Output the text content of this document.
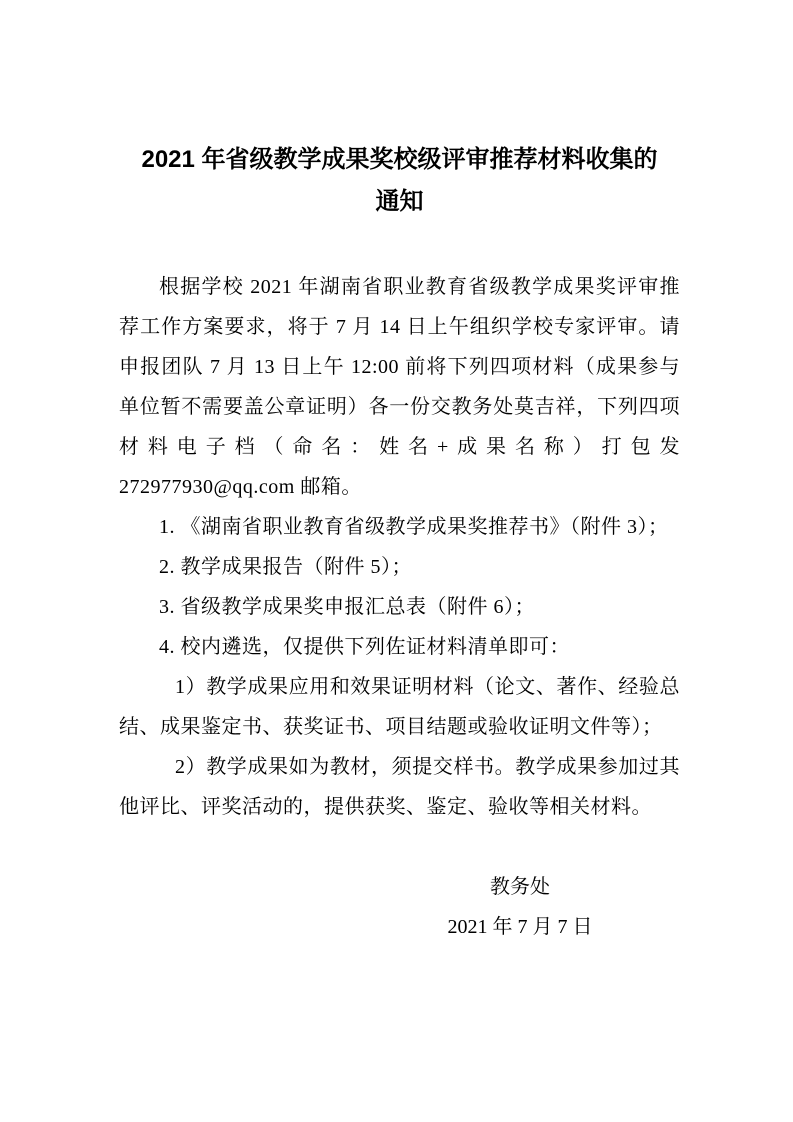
2021 年省级教学成果奖校级评审推荐材料收集的
通知

根据学校 2021 年湖南省职业教育省级教学成果奖评审推荐工作方案要求，将于 7 月 14 日上午组织学校专家评审。请申报团队 7 月 13 日上午 12:00 前将下列四项材料（成果参与单位暂不需要盖公章证明）各一份交教务处莫吉祥，下列四项材料电子档（命名：姓名+成果名称）打包发 272977930@qq.com 邮箱。

1. 《湖南省职业教育省级教学成果奖推荐书》（附件 3）；

2. 教学成果报告（附件 5）；

3. 省级教学成果奖申报汇总表（附件 6）；

4. 校内遴选，仅提供下列佐证材料清单即可：

1）教学成果应用和效果证明材料（论文、著作、经验总结、成果鉴定书、获奖证书、项目结题或验收证明文件等）；

2）教学成果如为教材，须提交样书。教学成果参加过其他评比、评奖活动的，提供获奖、鉴定、验收等相关材料。

教务处

2021 年 7 月 7 日
